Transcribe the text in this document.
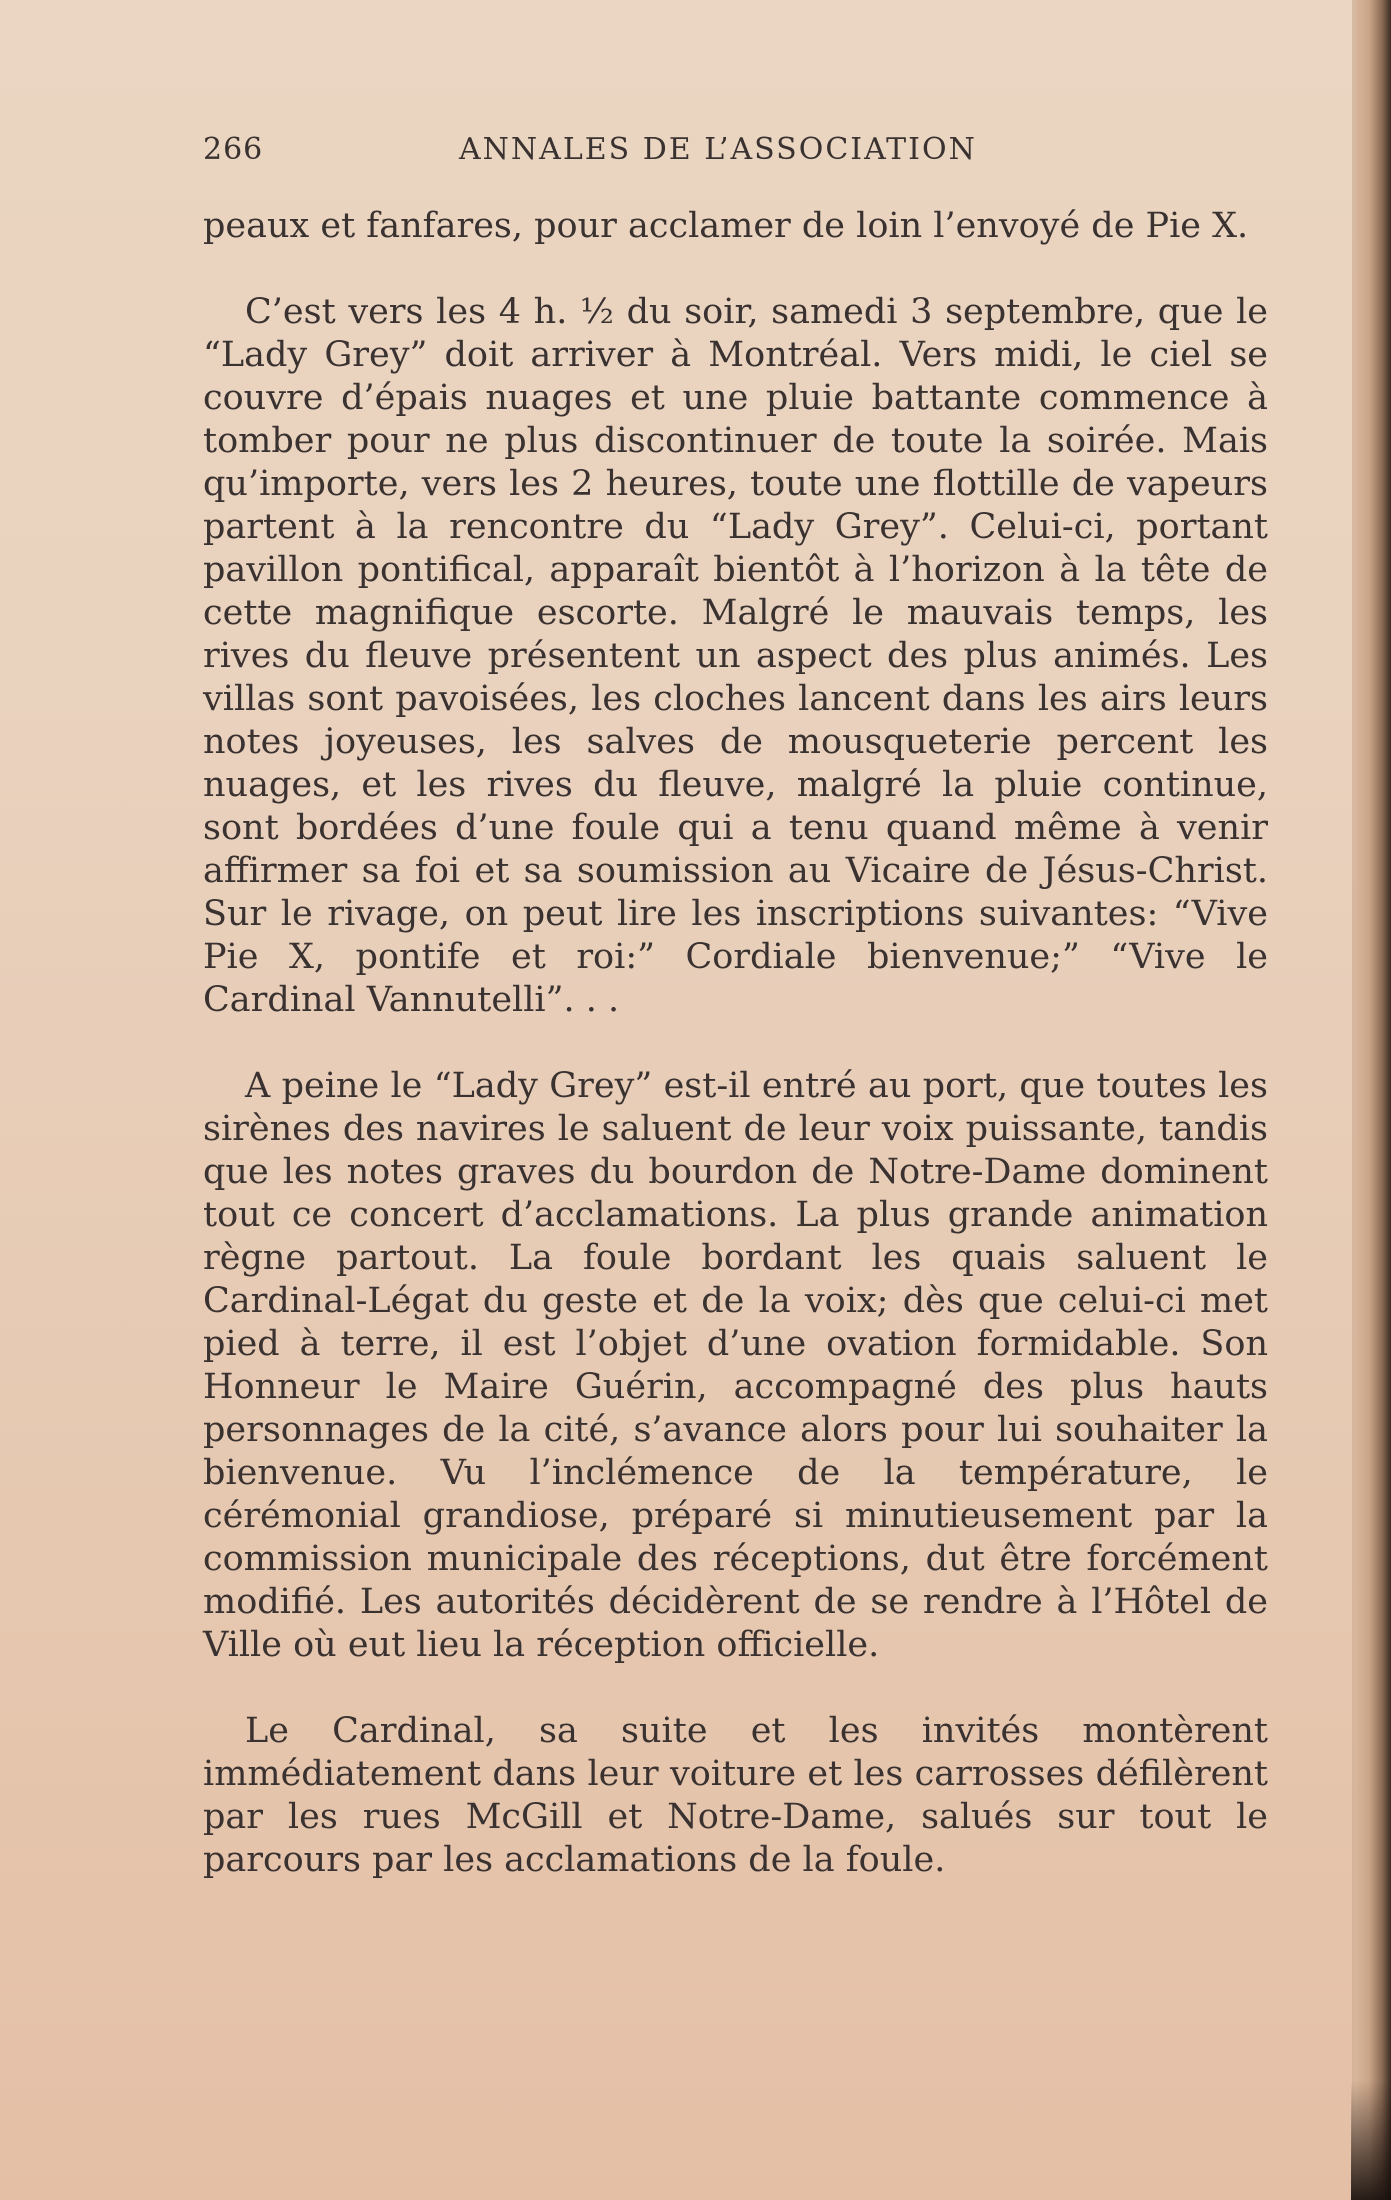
266	ANNALES DE L’ASSOCIATION

peaux et fanfares, pour acclamer de loin l’envoyé de Pie X.

C’est vers les 4 h. ½ du soir, samedi 3 septembre, que le “Lady Grey” doit arriver à Montréal. Vers midi, le ciel se couvre d’épais nuages et une pluie battante commence à tomber pour ne plus discontinuer de toute la soirée. Mais qu’importe, vers les 2 heures, toute une flottille de vapeurs partent à la rencontre du “Lady Grey”. Celui-ci, portant pavillon pontifical, apparaît bientôt à l’horizon à la tête de cette magnifique escorte. Malgré le mauvais temps, les rives du fleuve présentent un aspect des plus animés. Les villas sont pavoisées, les cloches lancent dans les airs leurs notes joyeuses, les salves de mousqueterie percent les nuages, et les rives du fleuve, malgré la pluie continue, sont bordées d’une foule qui a tenu quand même à venir affirmer sa foi et sa soumission au Vicaire de Jésus-Christ. Sur le rivage, on peut lire les inscriptions suivantes: “Vive Pie X, pontife et roi:” Cordiale bienvenue;” “Vive le Cardinal Vannutelli”. . .

A peine le “Lady Grey” est-il entré au port, que toutes les sirènes des navires le saluent de leur voix puissante, tandis que les notes graves du bourdon de Notre-Dame dominent tout ce concert d’acclamations. La plus grande animation règne partout. La foule bordant les quais saluent le Cardinal-Légat du geste et de la voix; dès que celui-ci met pied à terre, il est l’objet d’une ovation formidable. Son Honneur le Maire Guérin, accompagné des plus hauts personnages de la cité, s’avance alors pour lui souhaiter la bienvenue. Vu l’inclémence de la température, le cérémonial grandiose, préparé si minutieusement par la commission municipale des réceptions, dut être forcément modifié. Les autorités décidèrent de se rendre à l’Hôtel de Ville où eut lieu la réception officielle.

Le Cardinal, sa suite et les invités montèrent immédiatement dans leur voiture et les carrosses défilèrent par les rues McGill et Notre-Dame, salués sur tout le parcours par les acclamations de la foule.
